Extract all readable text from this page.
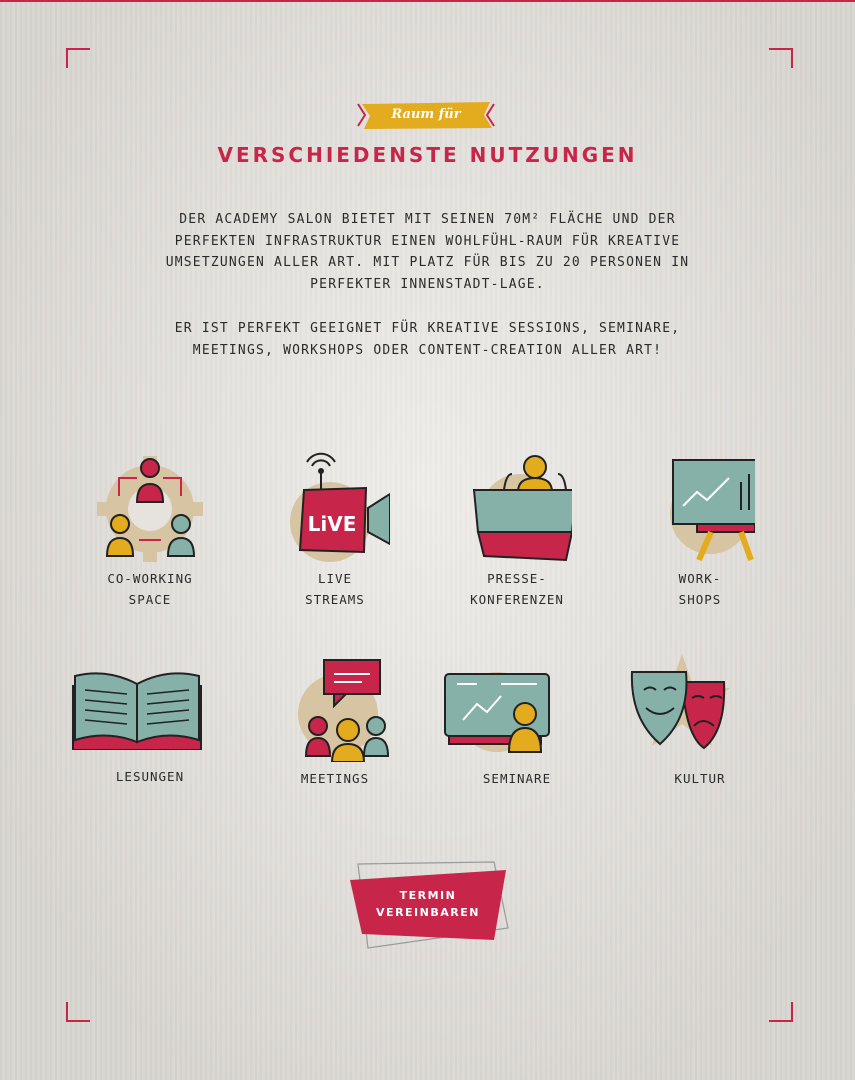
Raum für
VERSCHIEDENSTE NUTZUNGEN

DER ACADEMY SALON BIETET MIT SEINEN 70M² FLÄCHE UND DER PERFEKTEN INFRASTRUKTUR EINEN WOHLFÜHL-RAUM FÜR KREATIVE UMSETZUNGEN ALLER ART. MIT PLATZ FÜR BIS ZU 20 PERSONEN IN PERFEKTER INNENSTADT-LAGE.

ER IST PERFEKT GEEIGNET FÜR KREATIVE SESSIONS, SEMINARE, MEETINGS, WORKSHOPS ODER CONTENT-CREATION ALLER ART!

CO-WORKING
SPACE
LiVE
LIVE
STREAMS
PRESSE-
KONFERENZEN
WORK-
SHOPS
LESUNGEN	MEETINGS	SEMINARE	KULTUR
TERMIN
VEREINBAREN
